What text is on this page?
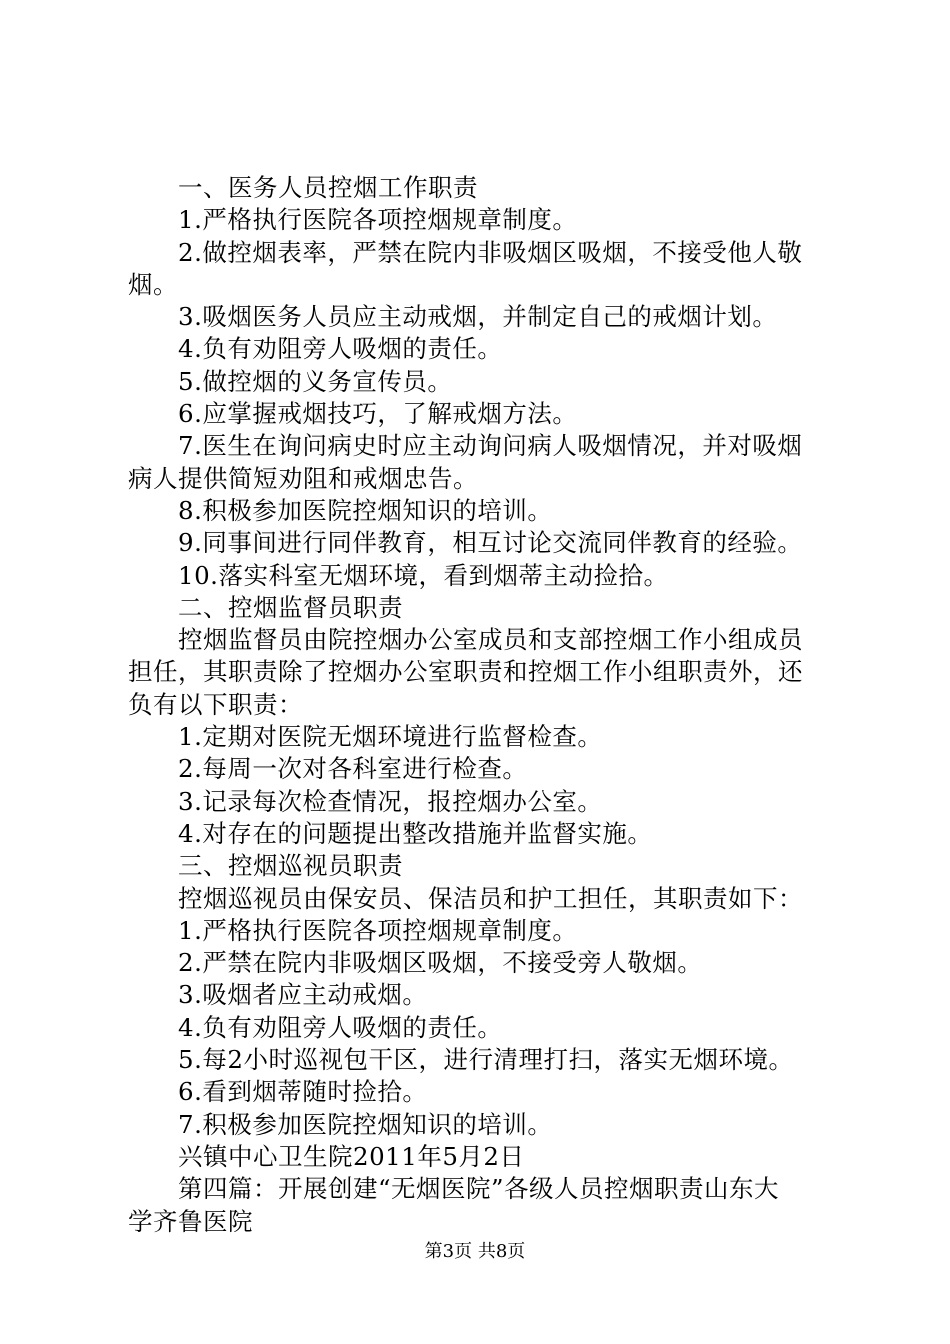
一、医务人员控烟工作职责
1.严格执行医院各项控烟规章制度。
2.做控烟表率，严禁在院内非吸烟区吸烟，不接受他人敬
烟。
3.吸烟医务人员应主动戒烟，并制定自己的戒烟计划。
4.负有劝阻旁人吸烟的责任。
5.做控烟的义务宣传员。
6.应掌握戒烟技巧，了解戒烟方法。
7.医生在询问病史时应主动询问病人吸烟情况，并对吸烟
病人提供简短劝阻和戒烟忠告。
8.积极参加医院控烟知识的培训。
9.同事间进行同伴教育，相互讨论交流同伴教育的经验。
10.落实科室无烟环境，看到烟蒂主动捡拾。
二、控烟监督员职责
控烟监督员由院控烟办公室成员和支部控烟工作小组成员
担任，其职责除了控烟办公室职责和控烟工作小组职责外，还
负有以下职责：
1.定期对医院无烟环境进行监督检查。
2.每周一次对各科室进行检查。
3.记录每次检查情况，报控烟办公室。
4.对存在的问题提出整改措施并监督实施。
三、控烟巡视员职责
控烟巡视员由保安员、保洁员和护工担任，其职责如下：
1.严格执行医院各项控烟规章制度。
2.严禁在院内非吸烟区吸烟，不接受旁人敬烟。
3.吸烟者应主动戒烟。
4.负有劝阻旁人吸烟的责任。
5.每2小时巡视包干区，进行清理打扫，落实无烟环境。
6.看到烟蒂随时捡拾。
7.积极参加医院控烟知识的培训。
兴镇中心卫生院2011年5月2日
第四篇：开展创建“无烟医院”各级人员控烟职责山东大
学齐鲁医院
第3页 共8页
